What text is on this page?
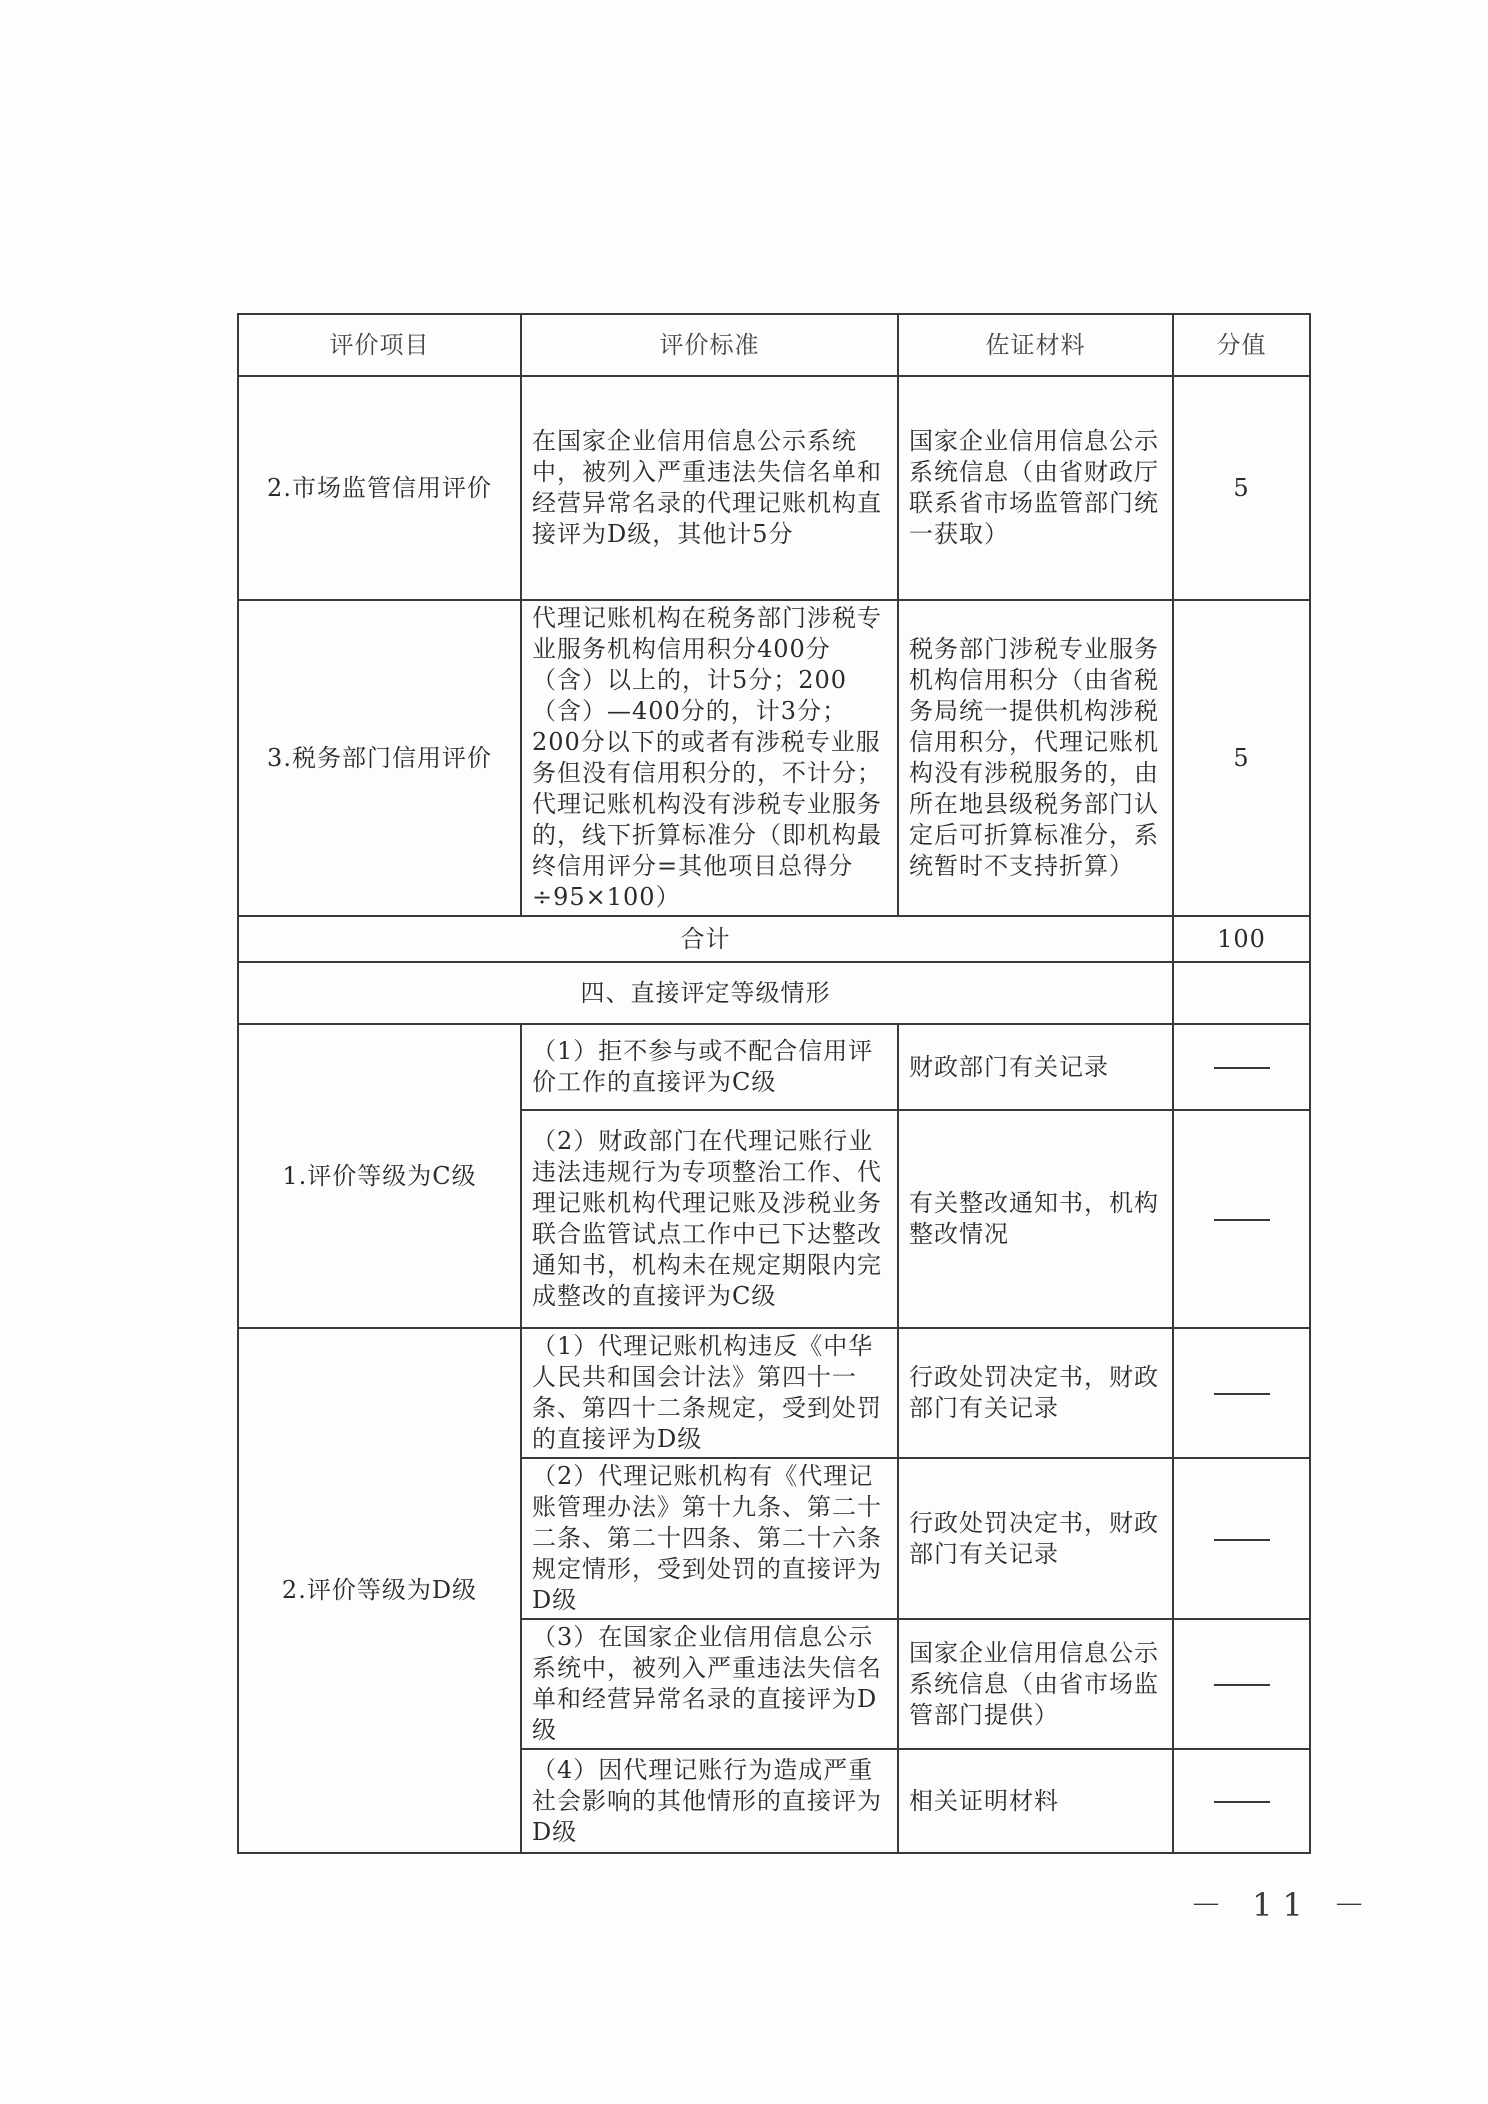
评价项目	评价标准	佐证材料	分值
2.市场监管信用评价	在国家企业信用信息公示系统中，被列入严重违法失信名单和经营异常名录的代理记账机构直接评为D级，其他计5分	国家企业信用信息公示系统信息（由省财政厅联系省市场监管部门统一获取）	5
3.税务部门信用评价	代理记账机构在税务部门涉税专业服务机构信用积分400分（含）以上的，计5分；200（含）—400分的，计3分；200分以下的或者有涉税专业服务但没有信用积分的，不计分；代理记账机构没有涉税专业服务的，线下折算标准分（即机构最终信用评分=其他项目总得分÷95×100）	税务部门涉税专业服务机构信用积分（由省税务局统一提供机构涉税信用积分，代理记账机构没有涉税服务的，由所在地县级税务部门认定后可折算标准分，系统暂时不支持折算）	5
合计			100
四、直接评定等级情形			
1.评价等级为C级	（1）拒不参与或不配合信用评价工作的直接评为C级	财政部门有关记录	
	（2）财政部门在代理记账行业违法违规行为专项整治工作、代理记账机构代理记账及涉税业务联合监管试点工作中已下达整改通知书，机构未在规定期限内完成整改的直接评为C级	有关整改通知书，机构整改情况	
2.评价等级为D级	（1）代理记账机构违反《中华人民共和国会计法》第四十一条、第四十二条规定，受到处罚的直接评为D级	行政处罚决定书，财政部门有关记录	
	（2）代理记账机构有《代理记账管理办法》第十九条、第二十二条、第二十四条、第二十六条规定情形，受到处罚的直接评为D级	行政处罚决定书，财政部门有关记录	
	（3）在国家企业信用信息公示系统中，被列入严重违法失信名单和经营异常名录的直接评为D级	国家企业信用信息公示系统信息（由省市场监管部门提供）	
	（4）因代理记账行为造成严重社会影响的其他情形的直接评为D级	相关证明材料	
－ 11 －
